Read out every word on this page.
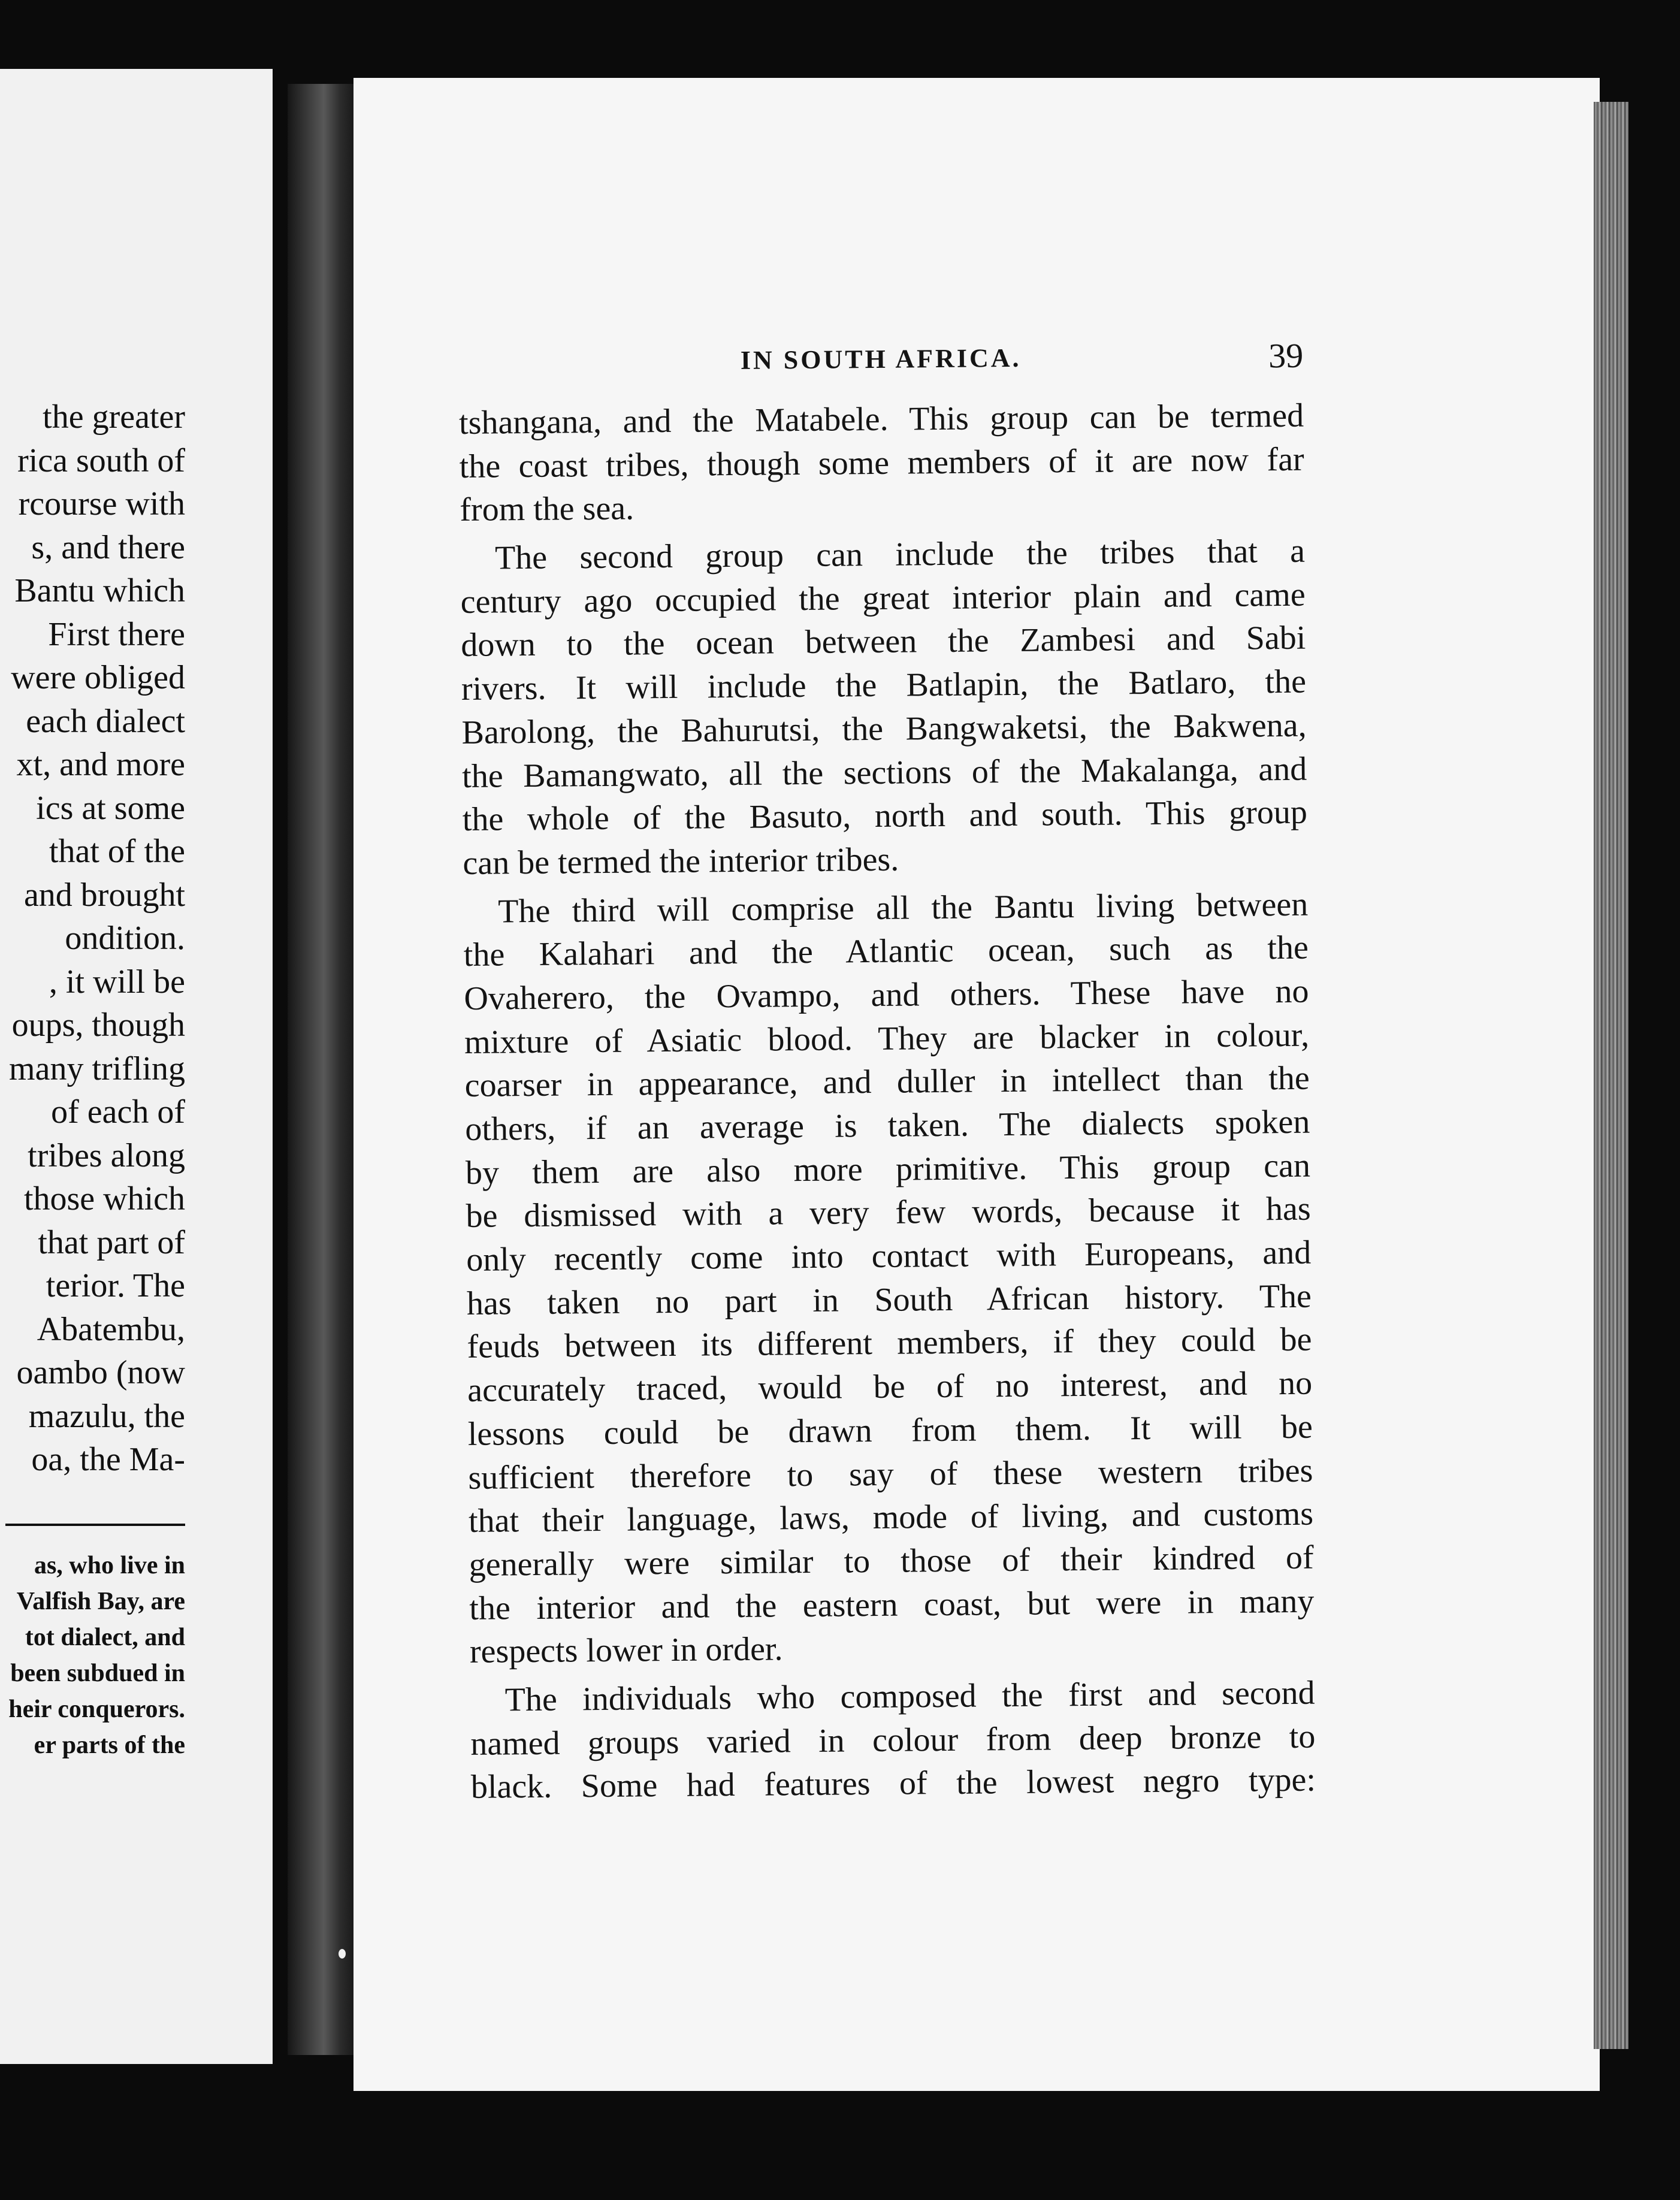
the greater
rica south of
rcourse with
s, and there
Bantu which
First there
were obliged
each dialect
xt, and more
ics at some
that of the
and brought
ondition.
, it will be
oups, though
many trifling
of each of
tribes along
those which
that part of
terior. The
Abatembu,
oambo (now
mazulu, the
oa, the Ma-
as, who live in
Valfish Bay, are
tot dialect, and
been subdued in
heir conquerors.
er parts of the
IN SOUTH AFRICA.	39

tshangana, and the Matabele. This group can be termed
the coast tribes, though some members of it are now far
from the sea.

The second group can include the tribes that a
century ago occupied the great interior plain and came
down to the ocean between the Zambesi and Sabi
rivers. It will include the Batlapin, the Batlaro, the
Barolong, the Bahurutsi, the Bangwaketsi, the Bakwena,
the Bamangwato, all the sections of the Makalanga, and
the whole of the Basuto, north and south. This group
can be termed the interior tribes.

The third will comprise all the Bantu living between
the Kalahari and the Atlantic ocean, such as the
Ovaherero, the Ovampo, and others. These have no
mixture of Asiatic blood. They are blacker in colour,
coarser in appearance, and duller in intellect than the
others, if an average is taken. The dialects spoken
by them are also more primitive. This group can
be dismissed with a very few words, because it has
only recently come into contact with Europeans, and
has taken no part in South African history. The
feuds between its different members, if they could be
accurately traced, would be of no interest, and no
lessons could be drawn from them. It will be
sufficient therefore to say of these western tribes
that their language, laws, mode of living, and customs
generally were similar to those of their kindred of
the interior and the eastern coast, but were in many
respects lower in order.

The individuals who composed the first and second
named groups varied in colour from deep bronze to
black. Some had features of the lowest negro type:
